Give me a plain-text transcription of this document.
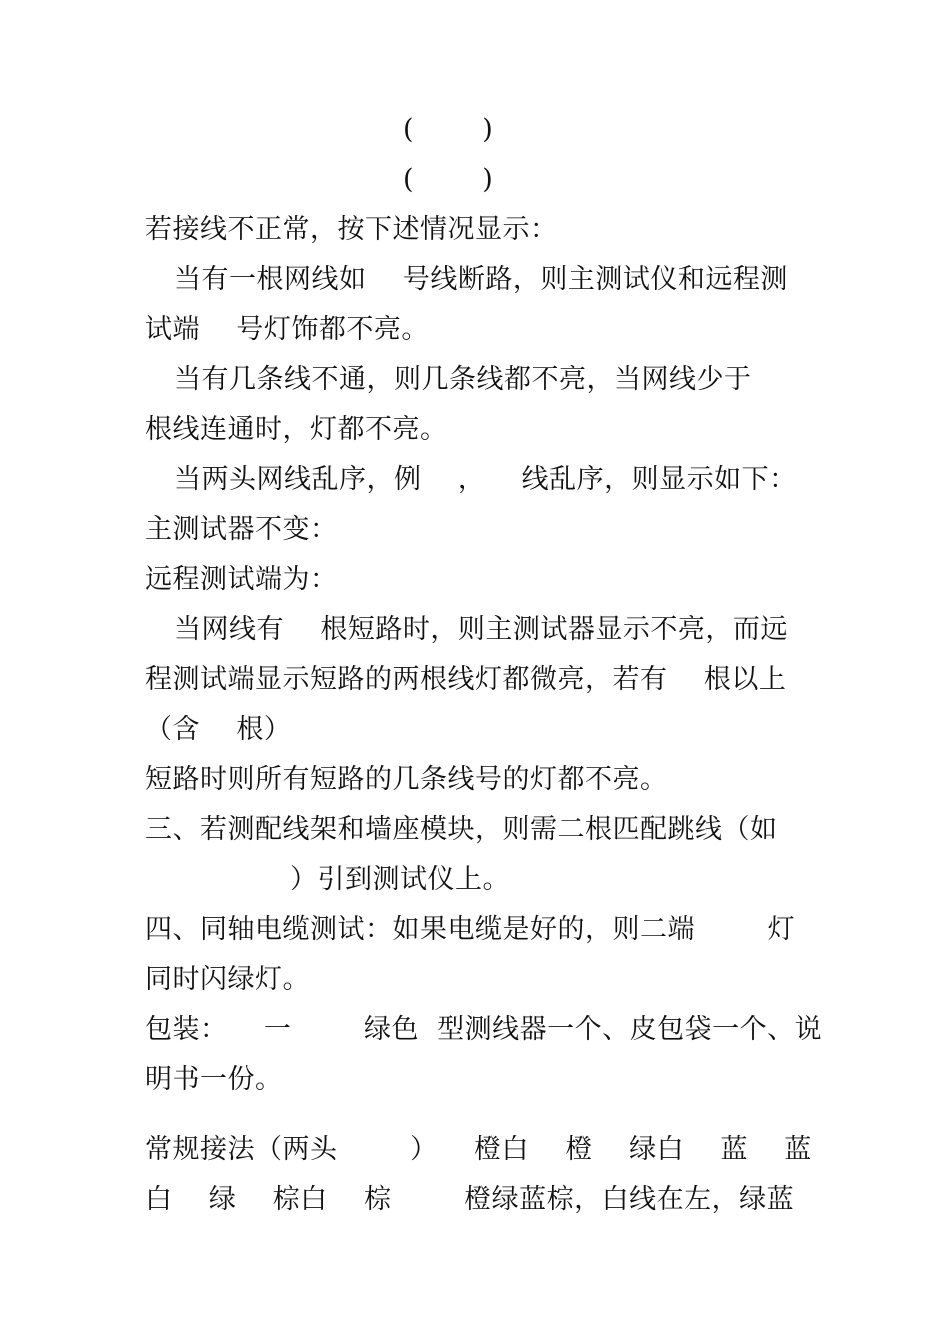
(        )
(        )
若接线不正常，按下述情况显示：
当有一根网线如    号线断路，则主测试仪和远程测
试端    号灯饰都不亮。
当有几条线不通，则几条线都不亮，当网线少于
根线连通时，灯都不亮。
当两头网线乱序，例    ，    线乱序，则显示如下：
主测试器不变：
远程测试端为：
当网线有    根短路时，则主测试器显示不亮，而远
程测试端显示短路的两根线灯都微亮，若有    根以上
（含    根）
短路时则所有短路的几条线号的灯都不亮。
三、若测配线架和墙座模块，则需二根匹配跳线（如
）引到测试仪上。
四、同轴电缆测试：如果电缆是好的，则二端        灯
同时闪绿灯。
包装：    一        绿色  型测线器一个、皮包袋一个、说
明书一份。
常规接法（两头        ）    橙白    橙    绿白    蓝    蓝
白    绿    棕白    棕        橙绿蓝棕，白线在左，绿蓝
